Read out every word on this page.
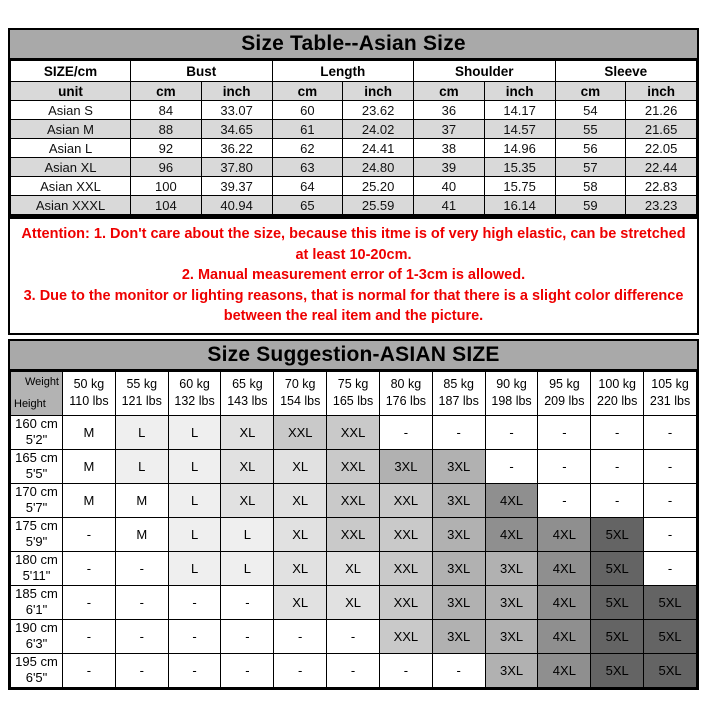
Size Table--Asian Size
SIZE/cm	Bust		Length		Shoulder		Sleeve	
unit	cm	inch	cm	inch	cm	inch	cm	inch
Asian S	84	33.07	60	23.62	36	14.17	54	21.26
Asian M	88	34.65	61	24.02	37	14.57	55	21.65
Asian L	92	36.22	62	24.41	38	14.96	56	22.05
Asian XL	96	37.80	63	24.80	39	15.35	57	22.44
Asian XXL	100	39.37	64	25.20	40	15.75	58	22.83
Asian XXXL	104	40.94	65	25.59	41	16.14	59	23.23
Attention: 1. Don't care about the size, because this itme is of very high elastic, can be stretched
at least 10-20cm.
2. Manual measurement error of 1-3cm is allowed.
3. Due to the monitor or lighting reasons, that is normal for that there is a slight color difference
between the real item and the picture.
Size Suggestion-ASIAN SIZE
Weight
Height	50 kg
110 lbs	55 kg
121 lbs	60 kg
132 lbs	65 kg
143 lbs	70 kg
154 lbs	75 kg
165 lbs	80 kg
176 lbs	85 kg
187 lbs	90 kg
198 lbs	95 kg
209 lbs	100 kg
220 lbs	105 kg
231 lbs

160 cm
5'2"	M	L	L	XL	XXL	XXL	-	-	-	-	-	-

165 cm
5'5"	M	L	L	XL	XL	XXL	3XL	3XL	-	-	-	-

170 cm
5'7"	M	M	L	XL	XL	XXL	XXL	3XL	4XL	-	-	-

175 cm
5'9"	-	M	L	L	XL	XXL	XXL	3XL	4XL	4XL	5XL	-

180 cm
5'11"	-	-	L	L	XL	XL	XXL	3XL	3XL	4XL	5XL	-

185 cm
6'1"	-	-	-	-	XL	XL	XXL	3XL	3XL	4XL	5XL	5XL

190 cm
6'3"	-	-	-	-	-	-	XXL	3XL	3XL	4XL	5XL	5XL

195 cm
6'5"	-	-	-	-	-	-	-	-	3XL	4XL	5XL	5XL
